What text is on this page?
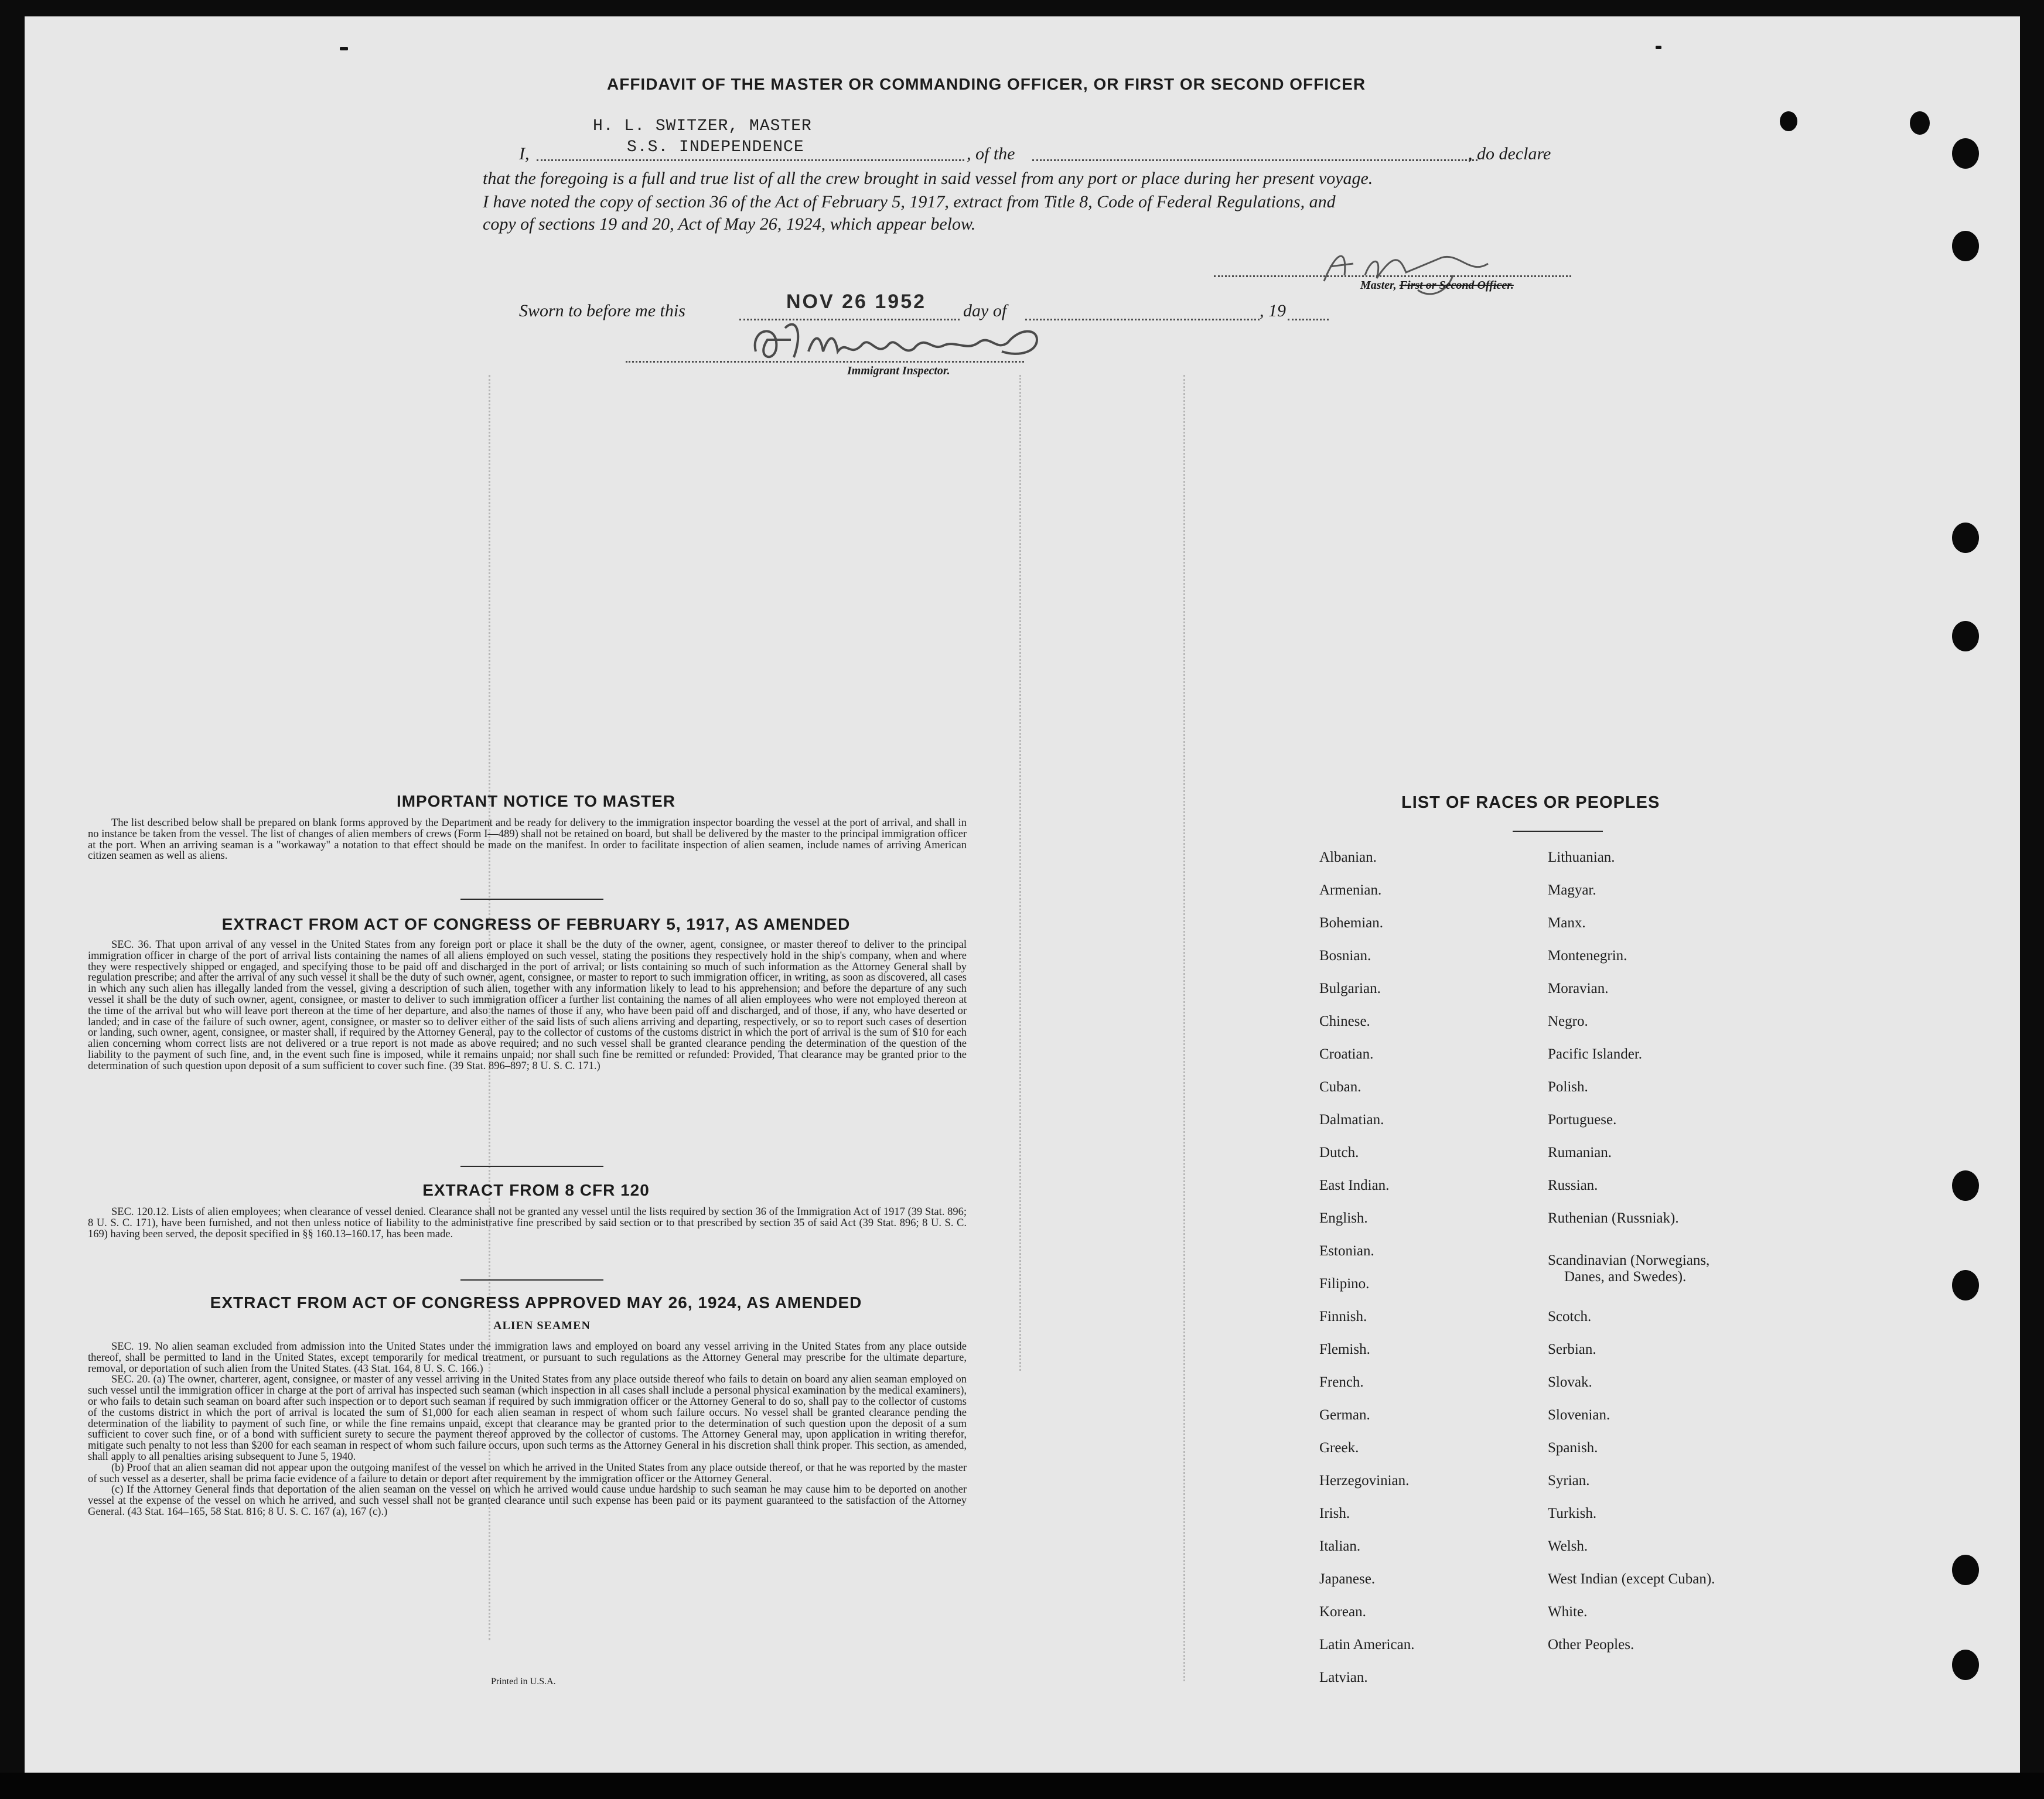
AFFIDAVIT OF THE MASTER OR COMMANDING OFFICER, OR FIRST OR SECOND OFFICER
I,
H. L. SWITZER, MASTER
S.S. INDEPENDENCE	, of the	, do declare
that the foregoing is a full and true list of all the crew brought in said vessel from any port or place during her present voyage.
I have noted the copy of section 36 of the Act of February 5, 1917, extract from Title 8, Code of Federal Regulations, and
copy of sections 19 and 20, Act of May 26, 1924, which appear below.
Master, First or Second Officer.
Sworn to before me this	NOV 26 1952 day of	, 19
Immigrant Inspector.
IMPORTANT NOTICE TO MASTER

The list described below shall be prepared on blank forms approved by the Department and be ready for delivery to the immigration inspector boarding the vessel at the port of arrival, and shall in no instance be taken from the vessel. The list of changes of alien members of crews (Form I—489) shall not be retained on board, but shall be delivered by the master to the principal immigration officer at the port. When an arriving seaman is a "workaway" a notation to that effect should be made on the manifest. In order to facilitate inspection of alien seamen, include names of arriving American citizen seamen as well as aliens.

EXTRACT FROM ACT OF CONGRESS OF FEBRUARY 5, 1917, AS AMENDED

SEC. 36. That upon arrival of any vessel in the United States from any foreign port or place it shall be the duty of the owner, agent, consignee, or master thereof to deliver to the principal immigration officer in charge of the port of arrival lists containing the names of all aliens employed on such vessel, stating the positions they respectively hold in the ship's company, when and where they were respectively shipped or engaged, and specifying those to be paid off and discharged in the port of arrival; or lists containing so much of such information as the Attorney General shall by regulation prescribe; and after the arrival of any such vessel it shall be the duty of such owner, agent, consignee, or master to report to such immigration officer, in writing, as soon as discovered, all cases in which any such alien has illegally landed from the vessel, giving a description of such alien, together with any information likely to lead to his apprehension; and before the departure of any such vessel it shall be the duty of such owner, agent, consignee, or master to deliver to such immigration officer a further list containing the names of all alien employees who were not employed thereon at the time of the arrival but who will leave port thereon at the time of her departure, and also the names of those if any, who have been paid off and discharged, and of those, if any, who have deserted or landed; and in case of the failure of such owner, agent, consignee, or master so to deliver either of the said lists of such aliens arriving and departing, respectively, or so to report such cases of desertion or landing, such owner, agent, consignee, or master shall, if required by the Attorney General, pay to the collector of customs of the customs district in which the port of arrival is the sum of $10 for each alien concerning whom correct lists are not delivered or a true report is not made as above required; and no such vessel shall be granted clearance pending the determination of the question of the liability to the payment of such fine, and, in the event such fine is imposed, while it remains unpaid; nor shall such fine be remitted or refunded: Provided, That clearance may be granted prior to the determination of such question upon deposit of a sum sufficient to cover such fine. (39 Stat. 896–897; 8 U. S. C. 171.)

EXTRACT FROM 8 CFR 120

SEC. 120.12. Lists of alien employees; when clearance of vessel denied. Clearance shall not be granted any vessel until the lists required by section 36 of the Immigration Act of 1917 (39 Stat. 896; 8 U. S. C. 171), have been furnished, and not then unless notice of liability to the administrative fine prescribed by said section or to that prescribed by section 35 of said Act (39 Stat. 896; 8 U. S. C. 169) having been served, the deposit specified in §§ 160.13–160.17, has been made.

EXTRACT FROM ACT OF CONGRESS APPROVED MAY 26, 1924, AS AMENDED
ALIEN SEAMEN

SEC. 19. No alien seaman excluded from admission into the United States under the immigration laws and employed on board any vessel arriving in the United States from any place outside thereof, shall be permitted to land in the United States, except temporarily for medical treatment, or pursuant to such regulations as the Attorney General may prescribe for the ultimate departure, removal, or deportation of such alien from the United States. (43 Stat. 164, 8 U. S. C. 166.)

SEC. 20. (a) The owner, charterer, agent, consignee, or master of any vessel arriving in the United States from any place outside thereof who fails to detain on board any alien seaman employed on such vessel until the immigration officer in charge at the port of arrival has inspected such seaman (which inspection in all cases shall include a personal physical examination by the medical examiners), or who fails to detain such seaman on board after such inspection or to deport such seaman if required by such immigration officer or the Attorney General to do so, shall pay to the collector of customs of the customs district in which the port of arrival is located the sum of $1,000 for each alien seaman in respect of whom such failure occurs. No vessel shall be granted clearance pending the determination of the liability to payment of such fine, or while the fine remains unpaid, except that clearance may be granted prior to the determination of such question upon the deposit of a sum sufficient to cover such fine, or of a bond with sufficient surety to secure the payment thereof approved by the collector of customs. The Attorney General may, upon application in writing therefor, mitigate such penalty to not less than $200 for each seaman in respect of whom such failure occurs, upon such terms as the Attorney General in his discretion shall think proper. This section, as amended, shall apply to all penalties arising subsequent to June 5, 1940.

(b) Proof that an alien seaman did not appear upon the outgoing manifest of the vessel on which he arrived in the United States from any place outside thereof, or that he was reported by the master of such vessel as a deserter, shall be prima facie evidence of a failure to detain or deport after requirement by the immigration officer or the Attorney General.

(c) If the Attorney General finds that deportation of the alien seaman on the vessel on which he arrived would cause undue hardship to such seaman he may cause him to be deported on another vessel at the expense of the vessel on which he arrived, and such vessel shall not be granted clearance until such expense has been paid or its payment guaranteed to the satisfaction of the Attorney General. (43 Stat. 164–165, 58 Stat. 816; 8 U. S. C. 167 (a), 167 (c).)

Printed in U.S.A.
LIST OF RACES OR PEOPLES
Albanian.
Armenian.
Bohemian.
Bosnian.
Bulgarian.
Chinese.
Croatian.
Cuban.
Dalmatian.
Dutch.
East Indian.
English.
Estonian.
Filipino.
Finnish.
Flemish.
French.
German.
Greek.
Herzegovinian.
Irish.
Italian.
Japanese.
Korean.
Latin American.
Latvian.
Lithuanian.
Magyar.
Manx.
Montenegrin.
Moravian.
Negro.
Pacific Islander.
Polish.
Portuguese.
Rumanian.
Russian.
Ruthenian (Russniak).
Scandinavian (Norwegians,
Danes, and Swedes).
Scotch.
Serbian.
Slovak.
Slovenian.
Spanish.
Syrian.
Turkish.
Welsh.
West Indian (except Cuban).
White.
Other Peoples.
